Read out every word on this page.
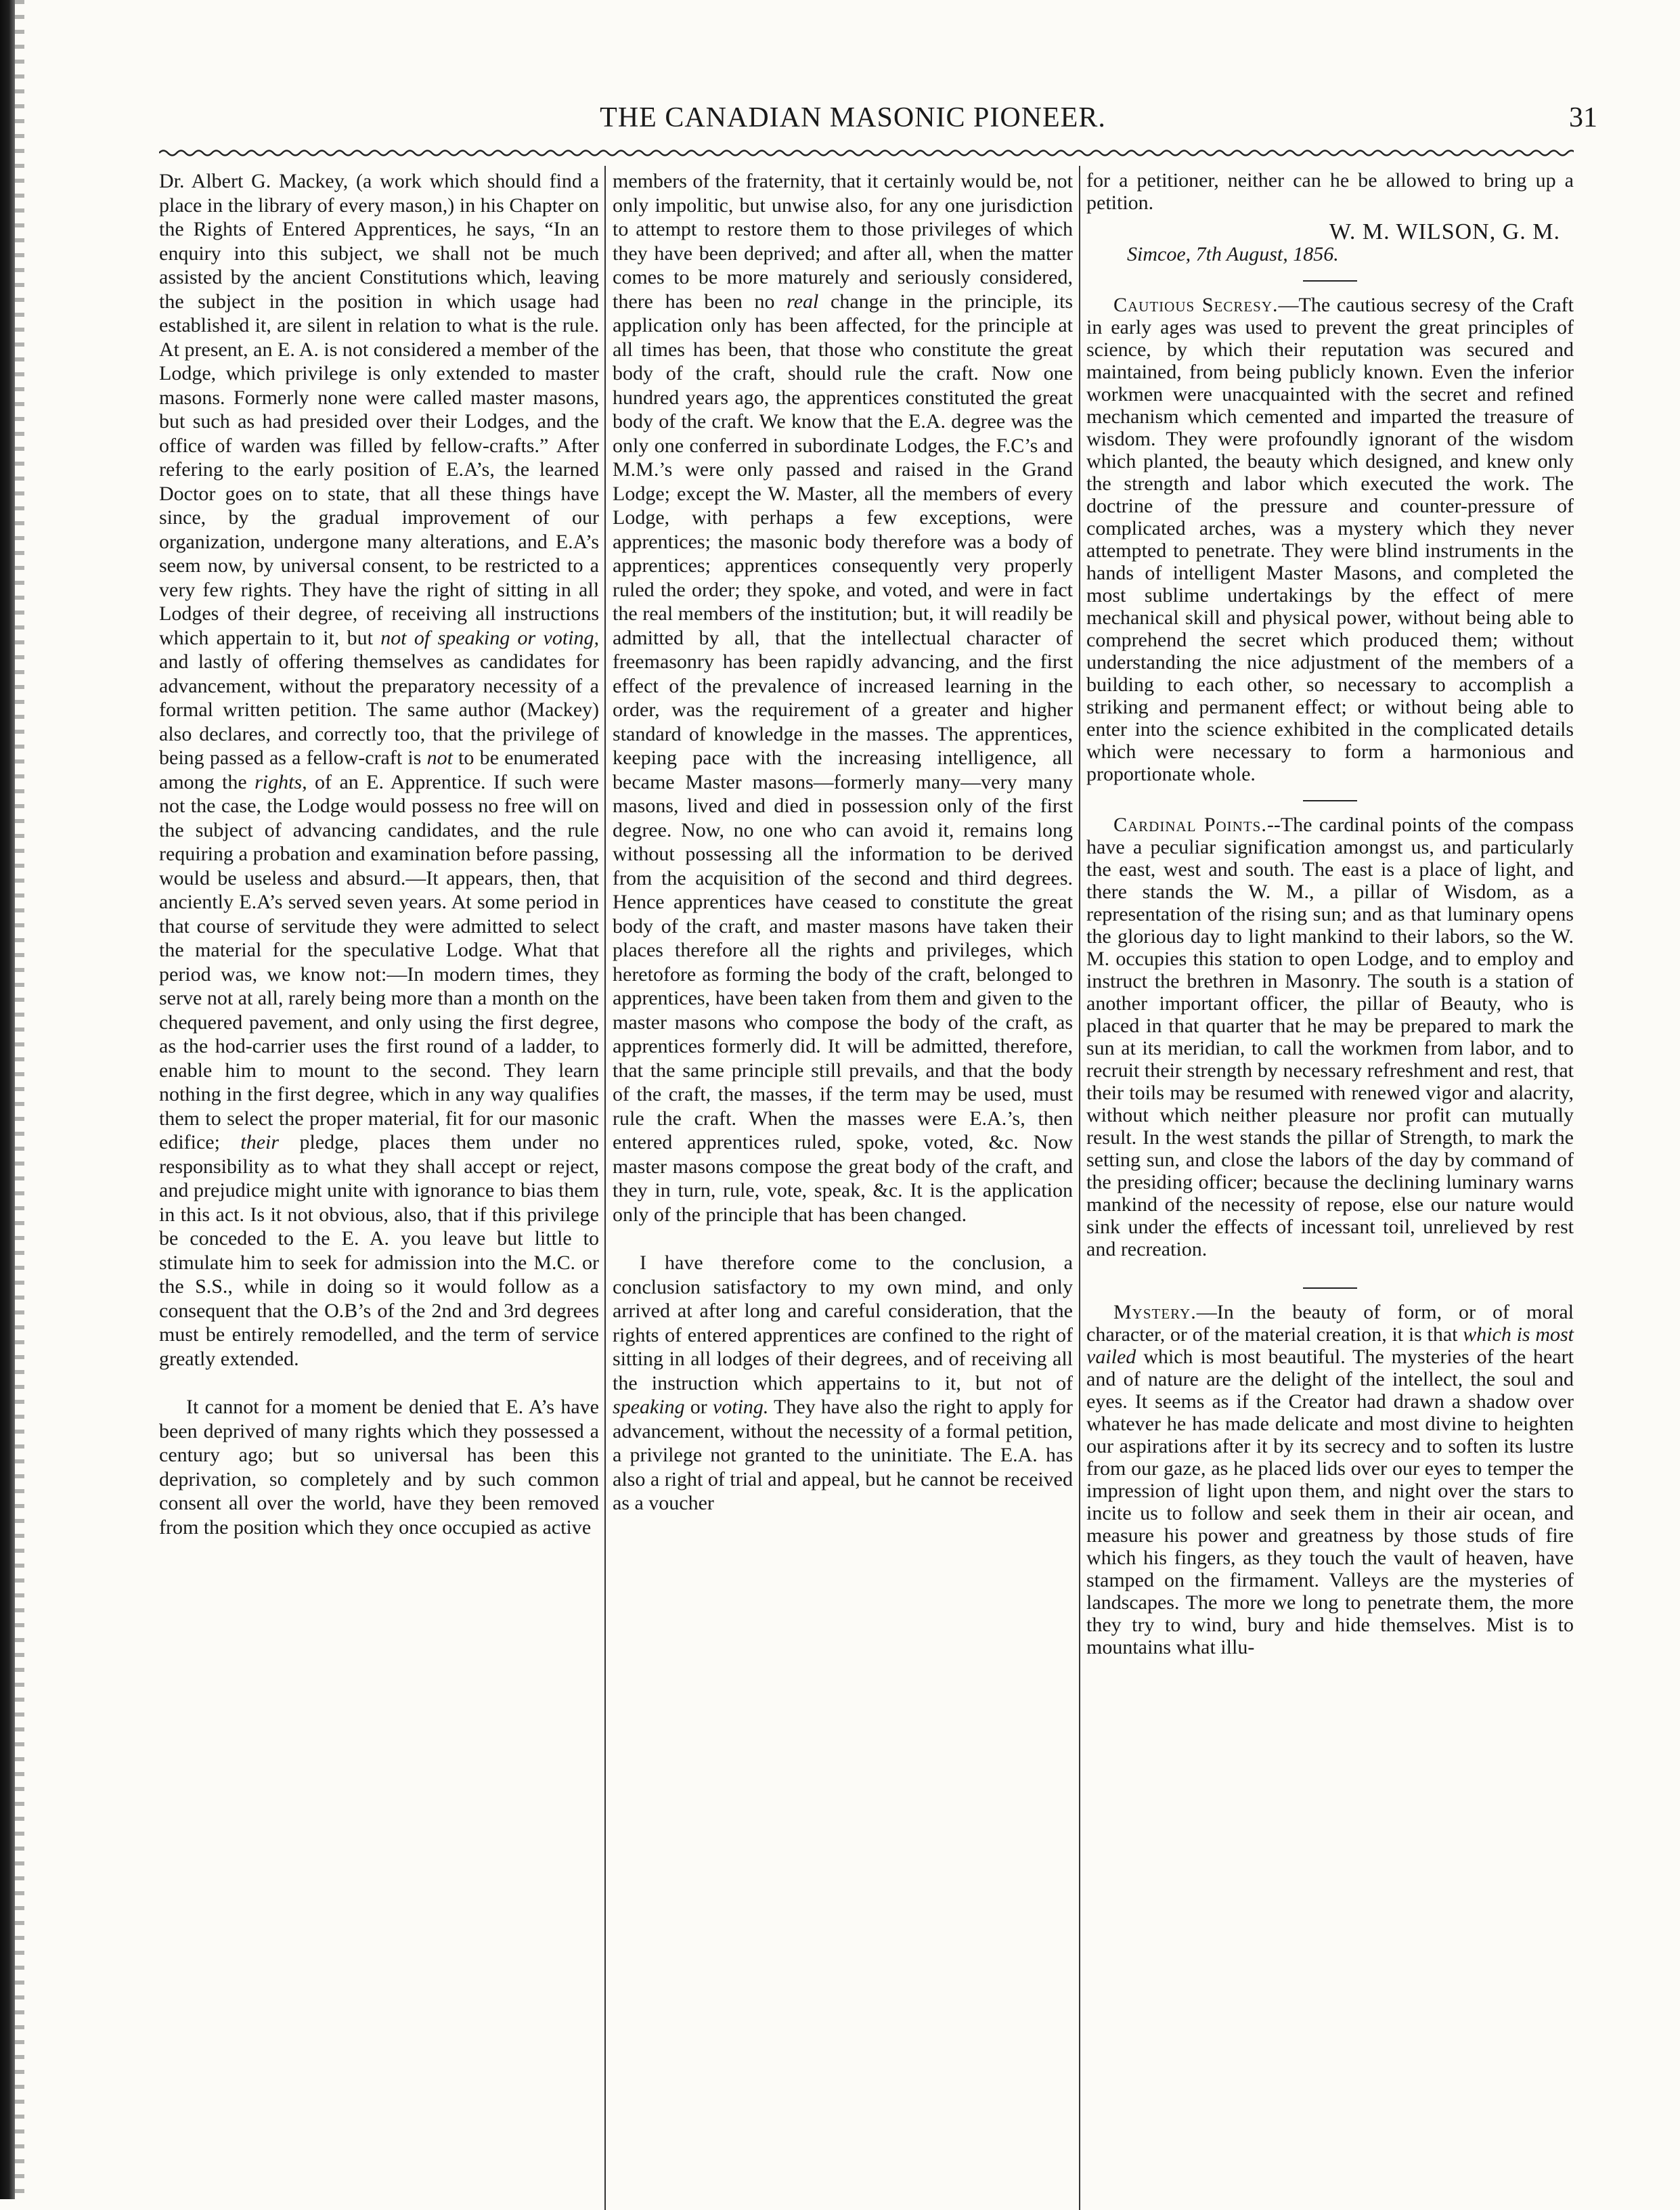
THE CANADIAN MASONIC PIONEER.	31

Dr. Albert G. Mackey, (a work which should find a place in the library of every mason,) in his Chapter on the Rights of Entered Apprentices, he says, “In an enquiry into this subject, we shall not be much assisted by the ancient Constitutions which, leaving the subject in the position in which usage had established it, are silent in relation to what is the rule. At present, an E. A. is not considered a member of the Lodge, which privilege is only extended to master masons. Formerly none were called master masons, but such as had presided over their Lodges, and the office of warden was filled by fellow-crafts.” After refering to the early position of E.A’s, the learned Doctor goes on to state, that all these things have since, by the gradual improvement of our organization, undergone many alterations, and E.A’s seem now, by universal consent, to be restricted to a very few rights. They have the right of sitting in all Lodges of their degree, of receiving all instructions which appertain to it, but not of speaking or voting, and lastly of offering themselves as candidates for advancement, without the preparatory necessity of a formal written petition. The same author (Mackey) also declares, and correctly too, that the privilege of being passed as a fellow-craft is not to be enumerated among the rights, of an E. Apprentice. If such were not the case, the Lodge would possess no free will on the subject of advancing candidates, and the rule requiring a probation and examination before passing, would be useless and absurd.—It appears, then, that anciently E.A’s served seven years. At some period in that course of servitude they were admitted to select the material for the speculative Lodge. What that period was, we know not:—In modern times, they serve not at all, rarely being more than a month on the chequered pavement, and only using the first degree, as the hod-carrier uses the first round of a ladder, to enable him to mount to the second. They learn nothing in the first degree, which in any way qualifies them to select the proper material, fit for our masonic edifice; their pledge, places them under no responsibility as to what they shall accept or reject, and prejudice might unite with ignorance to bias them in this act. Is it not obvious, also, that if this privilege be conceded to the E. A. you leave but little to stimulate him to seek for admission into the M.C. or the S.S., while in doing so it would follow as a consequent that the O.B’s of the 2nd and 3rd degrees must be entirely remodelled, and the term of service greatly extended.

It cannot for a moment be denied that E. A’s have been deprived of many rights which they possessed a century ago; but so universal has been this deprivation, so completely and by such common consent all over the world, have they been removed from the position which they once occupied as active

members of the fraternity, that it certainly would be, not only impolitic, but unwise also, for any one jurisdiction to attempt to restore them to those privileges of which they have been deprived; and after all, when the matter comes to be more maturely and seriously considered, there has been no real change in the principle, its application only has been affected, for the principle at all times has been, that those who constitute the great body of the craft, should rule the craft. Now one hundred years ago, the apprentices constituted the great body of the craft. We know that the E.A. degree was the only one conferred in subordinate Lodges, the F.C’s and M.M.’s were only passed and raised in the Grand Lodge; except the W. Master, all the members of every Lodge, with perhaps a few exceptions, were apprentices; the masonic body therefore was a body of apprentices; apprentices consequently very properly ruled the order; they spoke, and voted, and were in fact the real members of the institution; but, it will readily be admitted by all, that the intellectual character of freemasonry has been rapidly advancing, and the first effect of the prevalence of increased learning in the order, was the requirement of a greater and higher standard of knowledge in the masses. The apprentices, keeping pace with the increasing intelligence, all became Master masons—formerly many—very many masons, lived and died in possession only of the first degree. Now, no one who can avoid it, remains long without possessing all the information to be derived from the acquisition of the second and third degrees. Hence apprentices have ceased to constitute the great body of the craft, and master masons have taken their places therefore all the rights and privileges, which heretofore as forming the body of the craft, belonged to apprentices, have been taken from them and given to the master masons who compose the body of the craft, as apprentices formerly did. It will be admitted, therefore, that the same principle still prevails, and that the body of the craft, the masses, if the term may be used, must rule the craft. When the masses were E.A.’s, then entered apprentices ruled, spoke, voted, &c. Now master masons compose the great body of the craft, and they in turn, rule, vote, speak, &c. It is the application only of the principle that has been changed.

I have therefore come to the conclusion, a conclusion satisfactory to my own mind, and only arrived at after long and careful consideration, that the rights of entered apprentices are confined to the right of sitting in all lodges of their degrees, and of receiving all the instruction which appertains to it, but not of speaking or voting. They have also the right to apply for advancement, without the necessity of a formal petition, a privilege not granted to the uninitiate. The E.A. has also a right of trial and appeal, but he cannot be received as a voucher

for a petitioner, neither can he be allowed to bring up a petition.

W. M. WILSON, G. M.
Simcoe, 7th August, 1856.

Cautious Secresy.—The cautious secresy of the Craft in early ages was used to prevent the great principles of science, by which their reputation was secured and maintained, from being publicly known. Even the inferior workmen were unacquainted with the secret and refined mechanism which cemented and imparted the treasure of wisdom. They were profoundly ignorant of the wisdom which planted, the beauty which designed, and knew only the strength and labor which executed the work. The doctrine of the pressure and counter-pressure of complicated arches, was a mystery which they never attempted to penetrate. They were blind instruments in the hands of intelligent Master Masons, and completed the most sublime undertakings by the effect of mere mechanical skill and physical power, without being able to comprehend the secret which produced them; without understanding the nice adjustment of the members of a building to each other, so necessary to accomplish a striking and permanent effect; or without being able to enter into the science exhibited in the complicated details which were necessary to form a harmonious and proportionate whole.

Cardinal Points.--The cardinal points of the compass have a peculiar signification amongst us, and particularly the east, west and south. The east is a place of light, and there stands the W. M., a pillar of Wisdom, as a representation of the rising sun; and as that luminary opens the glorious day to light mankind to their labors, so the W. M. occupies this station to open Lodge, and to employ and instruct the brethren in Masonry. The south is a station of another important officer, the pillar of Beauty, who is placed in that quarter that he may be prepared to mark the sun at its meridian, to call the workmen from labor, and to recruit their strength by necessary refreshment and rest, that their toils may be resumed with renewed vigor and alacrity, without which neither pleasure nor profit can mutually result. In the west stands the pillar of Strength, to mark the setting sun, and close the labors of the day by command of the presiding officer; because the declining luminary warns mankind of the necessity of repose, else our nature would sink under the effects of incessant toil, unrelieved by rest and recreation.

Mystery.—In the beauty of form, or of moral character, or of the material creation, it is that which is most vailed which is most beautiful. The mysteries of the heart and of nature are the delight of the intellect, the soul and eyes. It seems as if the Creator had drawn a shadow over whatever he has made delicate and most divine to heighten our aspirations after it by its secrecy and to soften its lustre from our gaze, as he placed lids over our eyes to temper the impression of light upon them, and night over the stars to incite us to follow and seek them in their air ocean, and measure his power and greatness by those studs of fire which his fingers, as they touch the vault of heaven, have stamped on the firmament. Valleys are the mysteries of landscapes. The more we long to penetrate them, the more they try to wind, bury and hide themselves. Mist is to mountains what illu-
